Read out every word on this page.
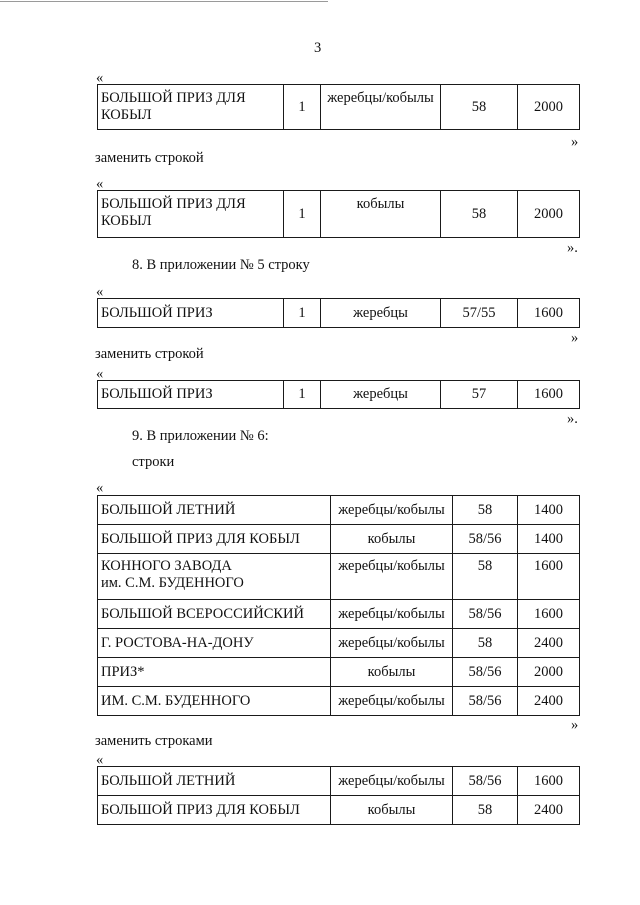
3
«
БОЛЬШОЙ ПРИЗ ДЛЯ КОБЫЛ	1	жеребцы/кобылы	58	2000
»
заменить строкой
«
БОЛЬШОЙ ПРИЗ ДЛЯ КОБЫЛ	1	кобылы	58	2000
».
8. В приложении № 5 строку
«
БОЛЬШОЙ ПРИЗ	1	жеребцы	57/55	1600
»
заменить строкой
«
БОЛЬШОЙ ПРИЗ	1	жеребцы	57	1600
».
9. В приложении № 6:
строки
«
БОЛЬШОЙ ЛЕТНИЙ	жеребцы/кобылы	58	1400
БОЛЬШОЙ ПРИЗ ДЛЯ КОБЫЛ	кобылы	58/56	1400

КОННОГО ЗАВОДА
им. С.М. БУДЕННОГО	жеребцы/кобылы	58	1600
БОЛЬШОЙ ВСЕРОССИЙСКИЙ	жеребцы/кобылы	58/56	1600
Г. РОСТОВА-НА-ДОНУ	жеребцы/кобылы	58	2400
ПРИЗ*	кобылы	58/56	2000
ИМ. С.М. БУДЕННОГО	жеребцы/кобылы	58/56	2400
»
заменить строками
«
БОЛЬШОЙ ЛЕТНИЙ	жеребцы/кобылы	58/56	1600
БОЛЬШОЙ ПРИЗ ДЛЯ КОБЫЛ	кобылы	58	2400
